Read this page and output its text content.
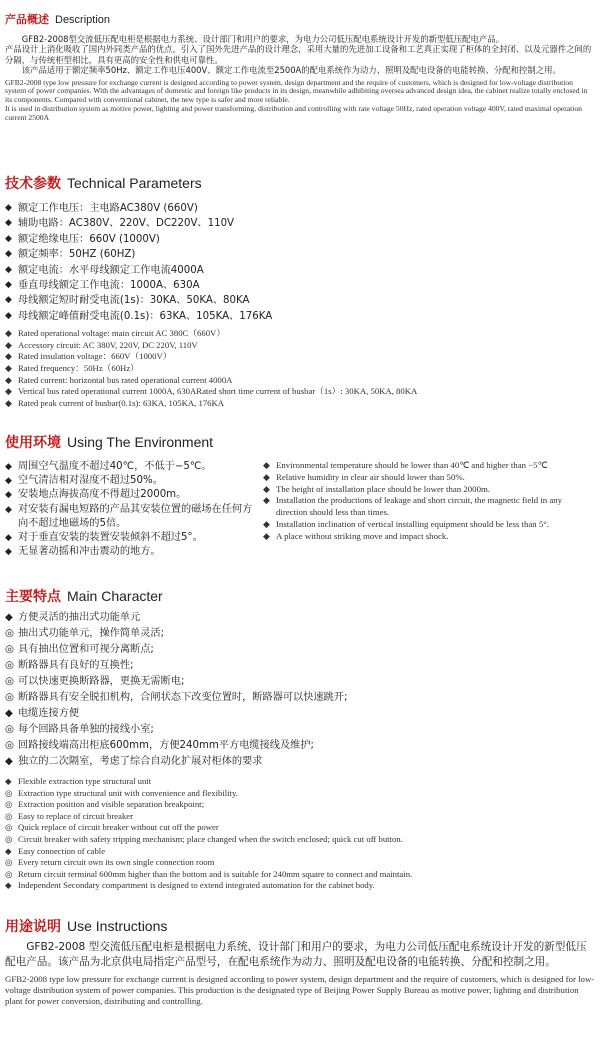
产品概述 Description

GFB2-2008型交流低压配电柜是根据电力系统、设计部门和用户的要求，为电力公司低压配电系统设计开发的新型低压配电产品。

产品设计上消化吸收了国内外同类产品的优点，引入了国外先进产品的设计理念，采用大量的先进加工设备和工艺真正实现了柜体的全封闭、以及元器件之间的分隔，与传统柜型相比，具有更高的安全性和供电可靠性。

该产品适用于额定频率50Hz、额定工作电压400V、额定工作电流至2500A的配电系统作为动力、照明及配电设备的电能转换、分配和控制之用。

GFB2-2008 type low pressure for exchange current is designed according to power system, design department and the require of customers, which is designed for low-voltage distribution system of power companies. With the advantages of domestic and foreign like products in its design, meanwhile adhibiting oversea advanced design idea, the cabinet realize totally enclosed in its components. Compared with conventional cabinet, the new type is safer and more reliable.

It is used in distribution system as motive power, lighting and power transforming, distribution and controlling with rate voltage 50Hz, rated operation voltage 400V, rated maximal operation current 2500A

技术参数 Technical Parameters
◆ 额定工作电压：主电路AC380V (660V)
◆ 辅助电路：AC380V、220V、DC220V、110V
◆ 额定绝缘电压：660V (1000V)
◆ 额定频率：50HZ (60HZ)
◆ 额定电流：水平母线额定工作电流4000A
◆ 垂直母线额定工作电流：1000A、630A
◆ 母线额定短时耐受电流(1s)：30KA、50KA、80KA
◆ 母线额定峰值耐受电流(0.1s)：63KA、105KA、176KA
◆ Rated operational voltage: main circuit AC 380C（660V）
◆ Accessory circuit: AC 380V, 220V, DC 220V, 110V
◆ Rated insulation voltage：660V（1000V）
◆ Rated frequency：50Hz（60Hz）
◆ Rated current: horizontal bus rated operational current 4000A
◆ Vertical bus rated operational current 1000A, 630ARated short time current of busbar（1s）: 30KA, 50KA, 80KA
◆ Rated peak current of busbar(0.1s): 63KA, 105KA, 176KA
使用环境 Using The Environment
◆ 周围空气温度不超过40℃，不低于−5℃。
◆ 空气清洁相对湿度不超过50%。
◆ 安装地点海拔高度不得超过2000m。
◆ 对安装有漏电短路的产品其安装位置的磁场在任何方向不超过地磁场的5倍。
◆ 对于垂直安装的装置安装倾斜不超过5°。
◆ 无显著动摇和冲击震动的地方。
◆ Environmental temperature should be lower than 40℃ and higher than −5℃
◆ Relative humidity in clear air should lower than 50%.
◆ The height of installation place should be lower than 2000m.
◆ Installation the productions of leakage and short circuit, the magnetic field in any direction should less than times.
◆ Installation inclination of vertical installing equipment should be less than 5°.
◆ A place without striking move and impact shock.
主要特点 Main Character
◆ 方便灵活的抽出式功能单元
◎ 抽出式功能单元，操作简单灵活;
◎ 具有抽出位置和可视分离断点;
◎ 断路器具有良好的互换性;
◎ 可以快速更换断路器，更换无需断电;
◎ 断路器具有安全脱扣机构，合闸状态下改变位置时，断路器可以快速跳开;
◆ 电缆连接方便
◎ 每个回路具备单独的接线小室;
◎ 回路接线端高出柜底600mm，方便240mm平方电缆接线及维护;
◆ 独立的二次隔室，考虑了综合自动化扩展对柜体的要求
◆ Flexible extraction type structural unit
◎ Extraction type structural unit with convenience and flexibility.
◎ Extraction position and visible separation breakpoint;
◎ Easy to replace of circuit breaker
◎ Quick replace of circuit breaker without cut off the power
◎ Circuit breaker with safety tripping mechanism; place changed when the switch enclosed; quick cut off button.
◆ Easy connection of cable
◎ Every return circuit own its own single connection room
◎ Return circuit terminal 600mm higher than the bottom and is suitable for 240mm square to connect and maintain.
◆ Independent Secondary compartment is designed to extend integrated automation for the cabinet body.
用途说明 Use Instructions

GFB2-2008 型交流低压配电柜是根据电力系统、设计部门和用户的要求，为电力公司低压配电系统设计开发的新型低压配电产品。该产品为北京供电局指定产品型号，在配电系统作为动力、照明及配电设备的电能转换、分配和控制之用。

GFB2-2008 type low pressure for exchange current is designed according to power system, design department and the require of customers, which is designed for low-voltage distribution system of power companies. This production is the designated type of Beijing Power Supply Bureau as motive power, lighting and distribution plant for power conversion, distributing and controlling.
